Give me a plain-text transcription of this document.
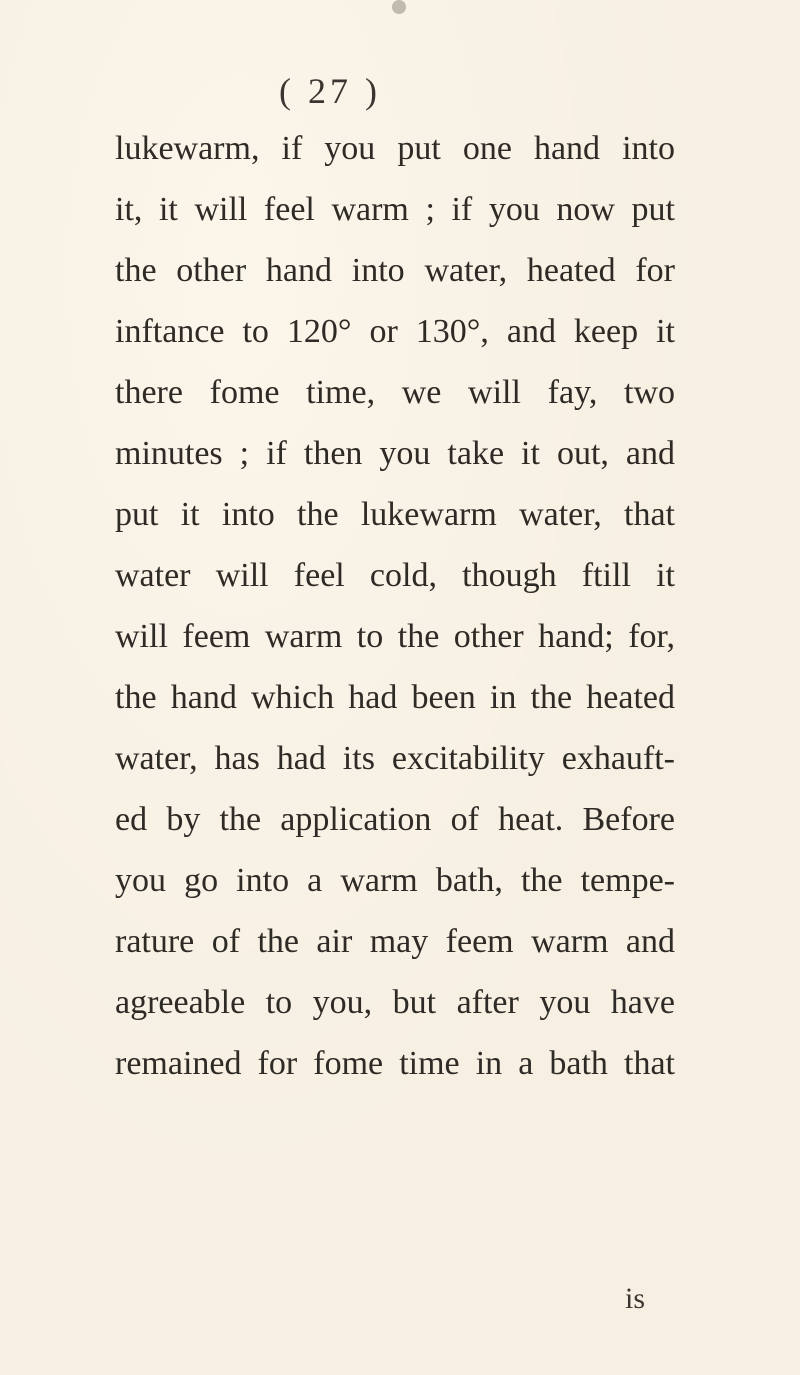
( 27 )
lukewarm, if you put one hand into
it, it will feel warm ; if you now put
the other hand into water, heated for
inftance to 120° or 130°, and keep it
there fome time, we will fay, two
minutes ; if then you take it out, and
put it into the lukewarm water, that
water will feel cold, though ftill it
will feem warm to the other hand; for,
the hand which had been in the heated
water, has had its excitability exhauft-
ed by the application of heat. Before
you go into a warm bath, the tempe-
rature of the air may feem warm and
agreeable to you, but after you have
remained for fome time in a bath that
is
